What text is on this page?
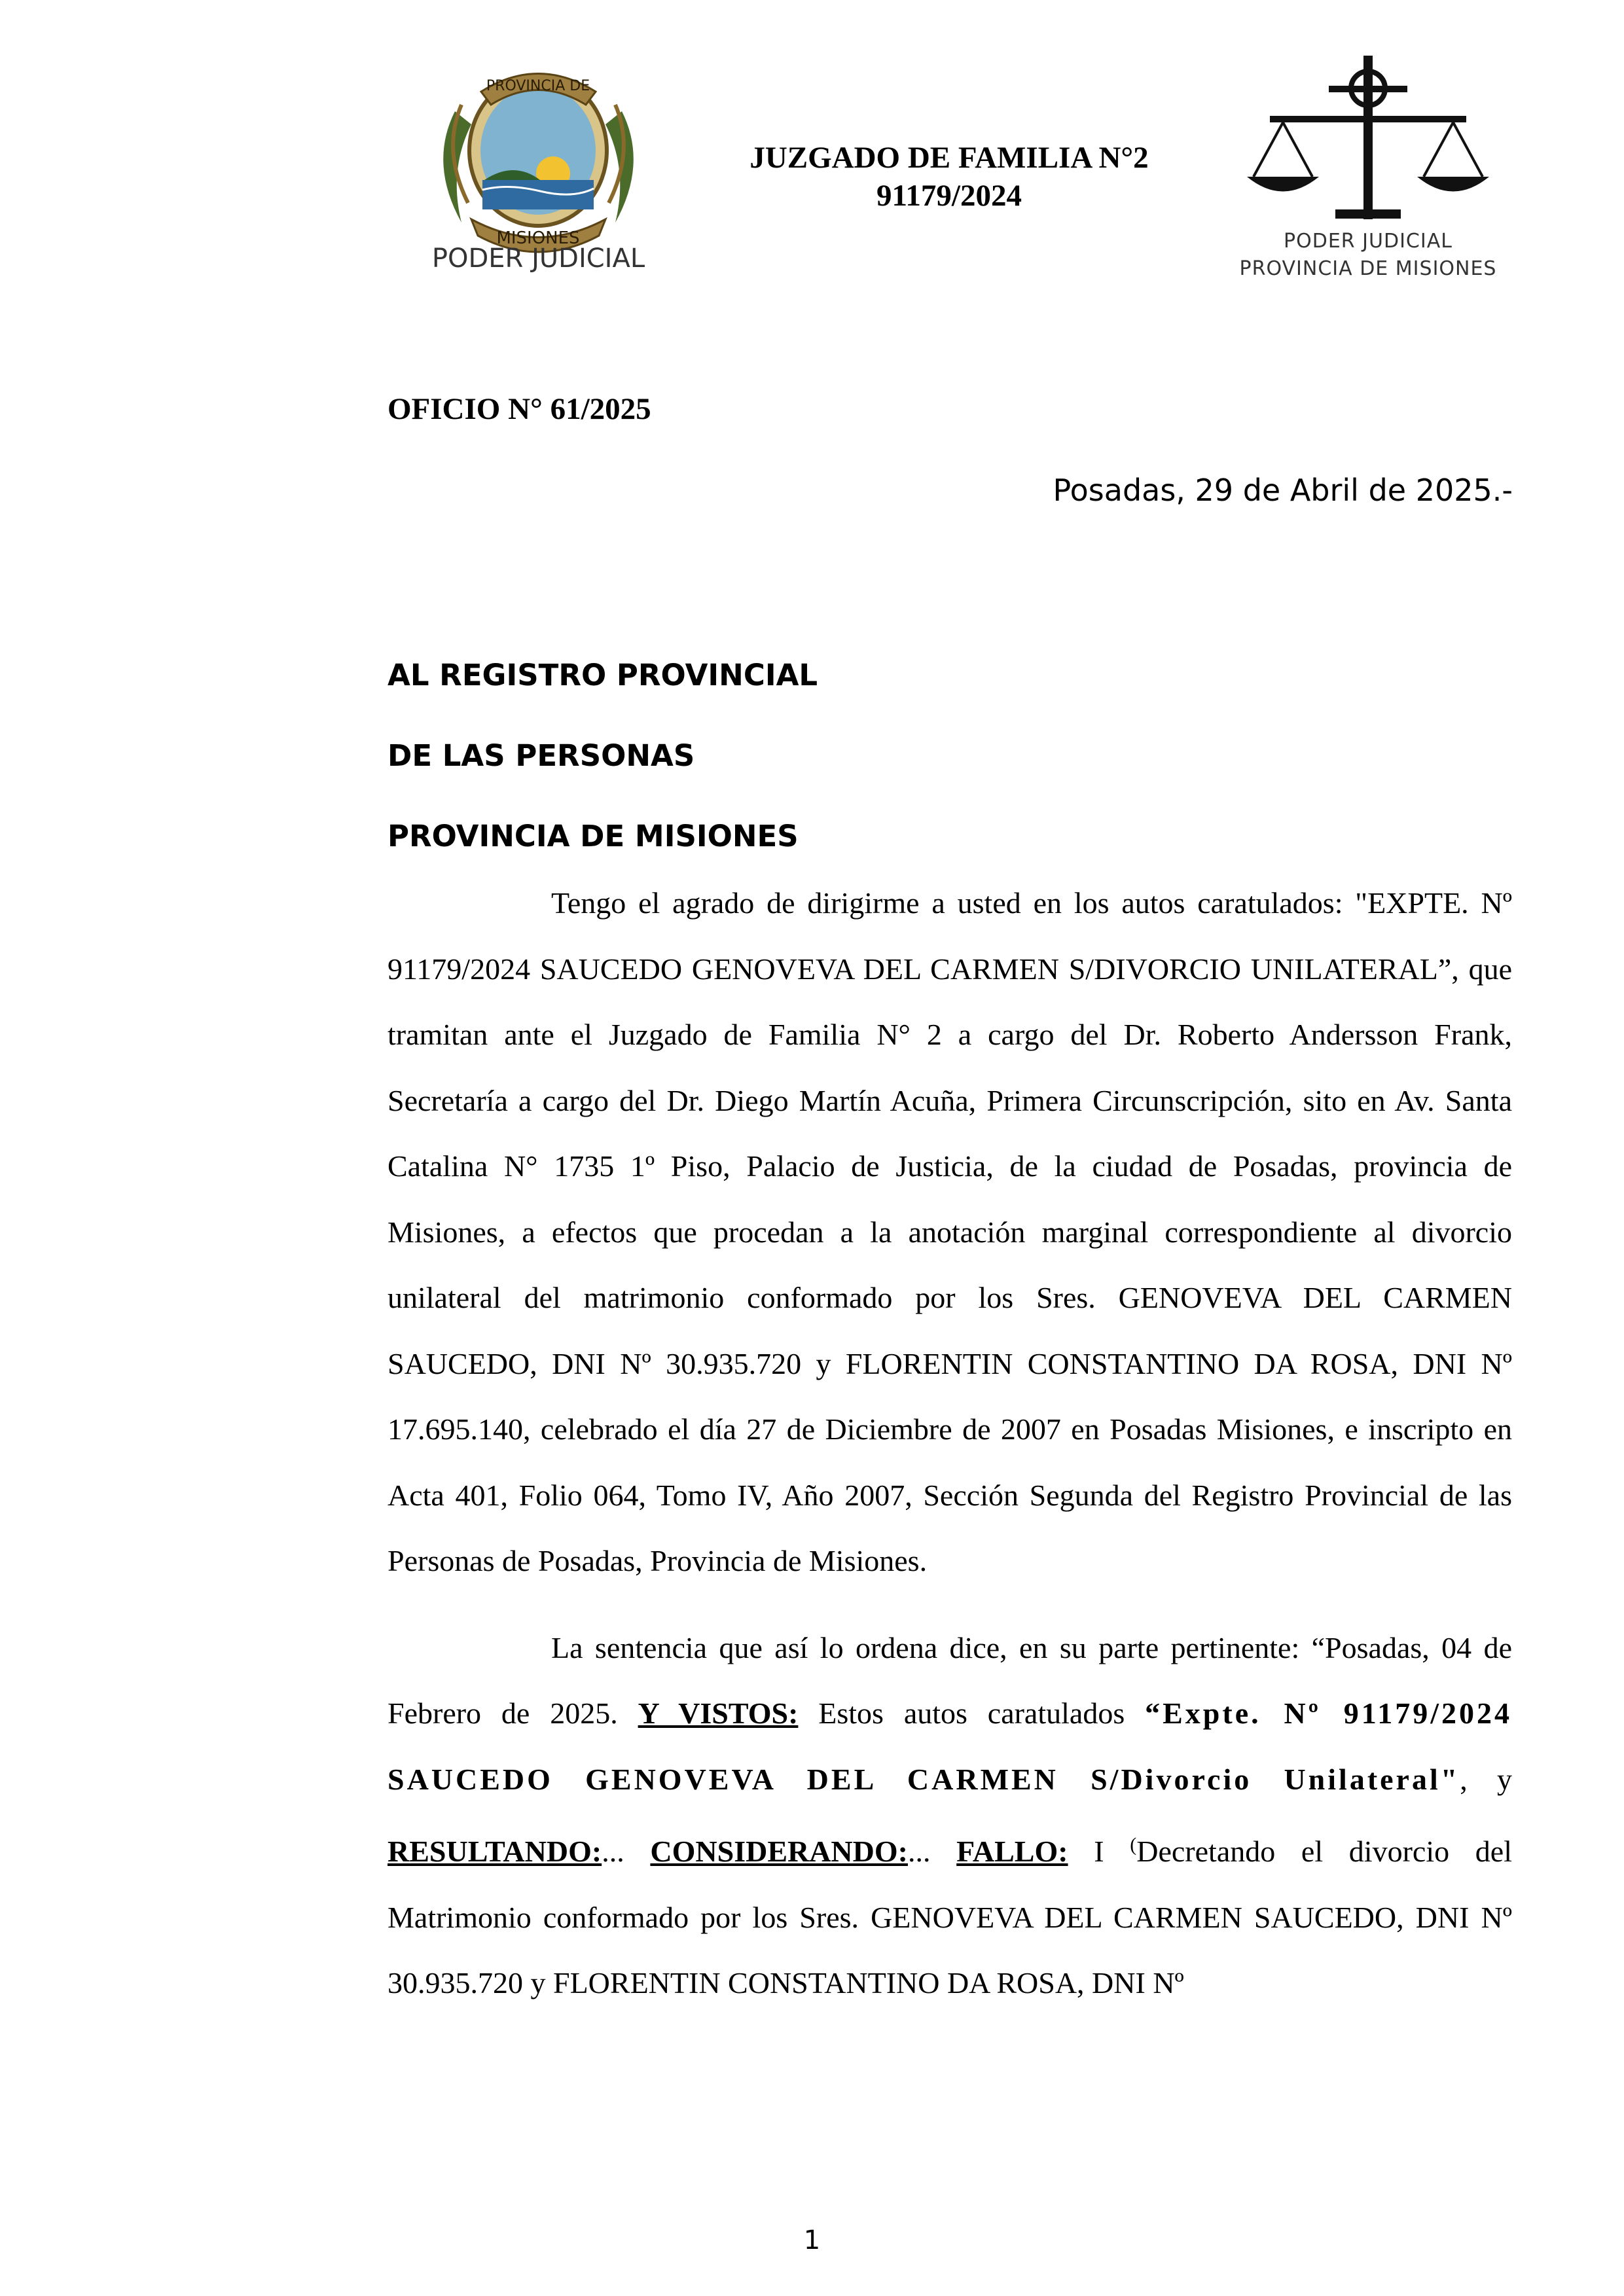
PROVINCIA DE
MISIONES
PODER JUDICIAL
JUZGADO DE FAMILIA N°2
91179/2024
PODER JUDICIAL
PROVINCIA DE MISIONES
OFICIO N° 61/2025
Posadas, 29 de Abril de 2025.-
AL REGISTRO PROVINCIAL
DE LAS PERSONAS
PROVINCIA DE MISIONES

Tengo el agrado de dirigirme a usted en los autos caratulados: "EXPTE. Nº 91179/2024 SAUCEDO GENOVEVA DEL CARMEN S/DIVORCIO UNILATERAL”, que tramitan ante el Juzgado de Familia N° 2 a cargo del Dr. Roberto Andersson Frank, Secretaría a cargo del Dr. Diego Martín Acuña, Primera Circunscripción, sito en Av. Santa Catalina N° 1735 1º Piso, Palacio de Justicia, de la ciudad de Posadas, provincia de Misiones, a efectos que procedan a la anotación marginal correspondiente al divorcio unilateral del matrimonio conformado por los Sres. GENOVEVA DEL CARMEN SAUCEDO, DNI Nº 30.935.720 y FLORENTIN CONSTANTINO DA ROSA, DNI Nº 17.695.140, celebrado el día 27 de Diciembre de 2007 en Posadas Misiones, e inscripto en Acta 401, Folio 064, Tomo IV, Año 2007, Sección Segunda del Registro Provincial de las Personas de Posadas, Provincia de Misiones.

La sentencia que así lo ordena dice, en su parte pertinente: “Posadas, 04 de Febrero de 2025. Y VISTOS: Estos autos caratulados “Expte. Nº 91179/2024 SAUCEDO GENOVEVA DEL CARMEN S/Divorcio Unilateral", y RESULTANDO:... CONSIDERANDO:... FALLO: I (Decretando el divorcio del Matrimonio conformado por los Sres. GENOVEVA DEL CARMEN SAUCEDO, DNI Nº 30.935.720 y FLORENTIN CONSTANTINO DA ROSA, DNI Nº

1
